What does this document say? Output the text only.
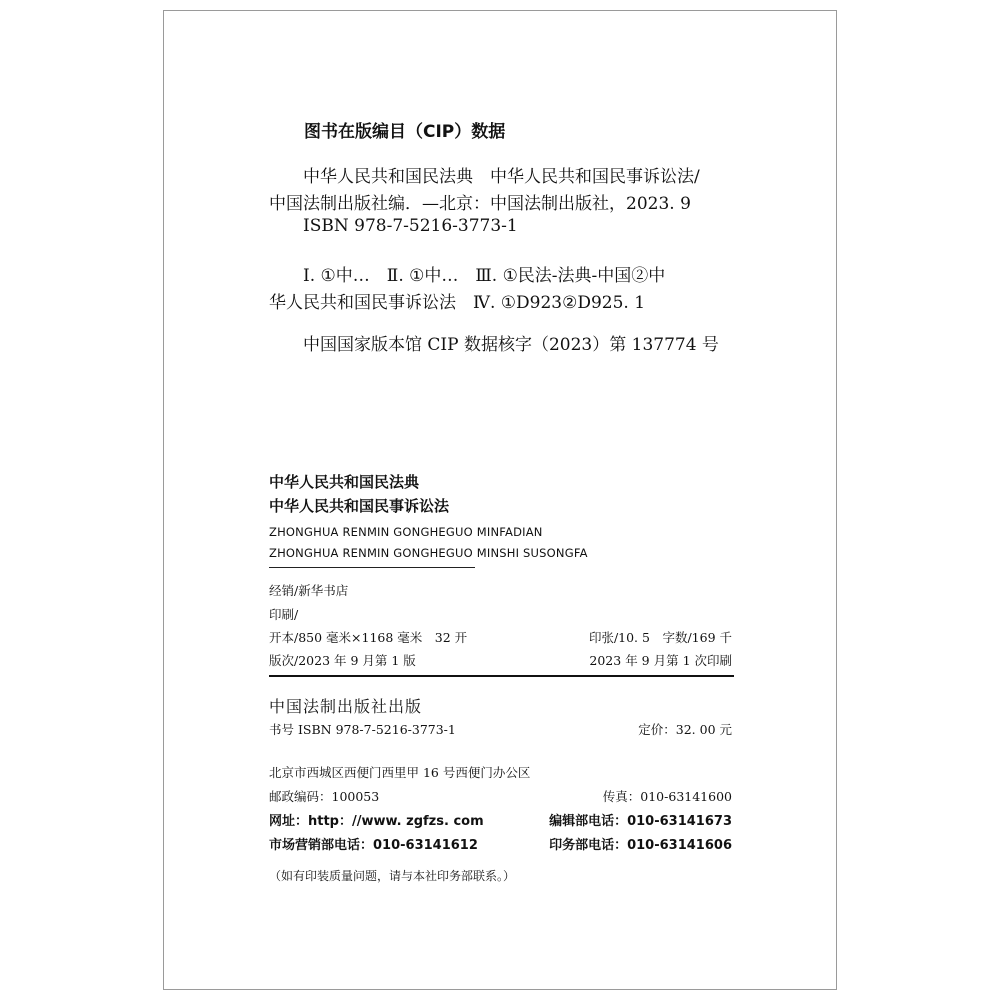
图书在版编目（CIP）数据
中华人民共和国民法典　中华人民共和国民事诉讼法/
中国法制出版社编．—北京：中国法制出版社，2023. 9
ISBN 978-7-5216-3773-1
Ⅰ. ①中…　Ⅱ. ①中…　Ⅲ. ①民法-法典-中国②中
华人民共和国民事诉讼法　Ⅳ. ①D923②D925. 1
中国国家版本馆 CIP 数据核字（2023）第 137774 号
中华人民共和国民法典
中华人民共和国民事诉讼法
ZHONGHUA RENMIN GONGHEGUO MINFADIAN
ZHONGHUA RENMIN GONGHEGUO MINSHI SUSONGFA
经销/新华书店
印刷/
开本/850 毫米×1168 毫米　32 开	印张/10. 5　字数/169 千
版次/2023 年 9 月第 1 版	2023 年 9 月第 1 次印刷
中国法制出版社出版
书号 ISBN 978-7-5216-3773-1	定价：32. 00 元
北京市西城区西便门西里甲 16 号西便门办公区
邮政编码：100053	传真：010-63141600
网址：http：//www. zgfzs. com	编辑部电话：010-63141673
市场营销部电话：010-63141612	印务部电话：010-63141606
（如有印装质量问题，请与本社印务部联系。）
